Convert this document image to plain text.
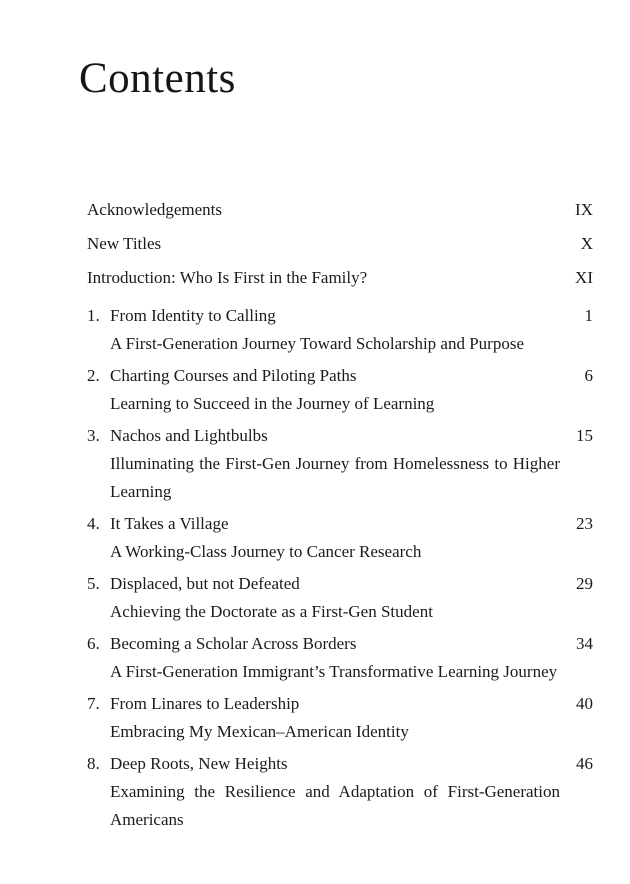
Contents
Acknowledgements	IX
New Titles	X
Introduction: Who Is First in the Family?	XI
1. From Identity to Calling	1
A First-Generation Journey Toward Scholarship and Purpose
2. Charting Courses and Piloting Paths	6
Learning to Succeed in the Journey of Learning
3. Nachos and Lightbulbs	15
Illuminating the First-Gen Journey from Homelessness to Higher Learning
4. It Takes a Village	23
A Working-Class Journey to Cancer Research
5. Displaced, but not Defeated	29
Achieving the Doctorate as a First-Gen Student
6. Becoming a Scholar Across Borders	34
A First-Generation Immigrant’s Transformative Learning Journey
7. From Linares to Leadership	40
Embracing My Mexican–American Identity
8. Deep Roots, New Heights	46
Examining the Resilience and Adaptation of First-Generation Americans
